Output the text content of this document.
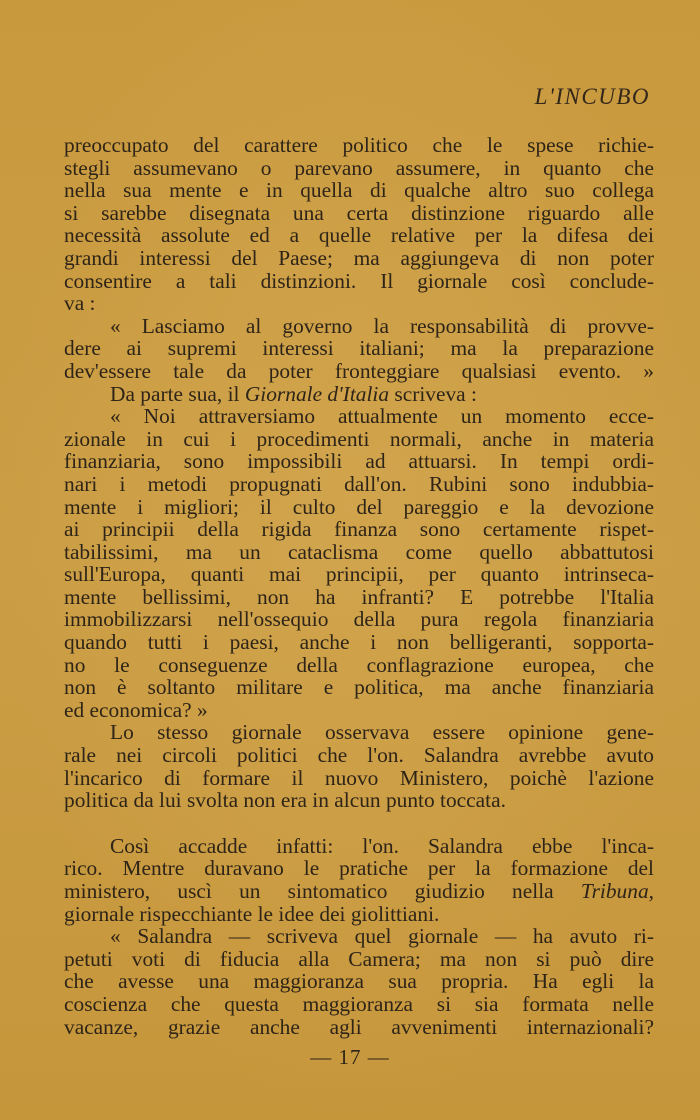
L'INCUBO
preoccupato del carattere politico che le spese richie-
stegli assumevano o parevano assumere, in quanto che
nella sua mente e in quella di qualche altro suo collega
si sarebbe disegnata una certa distinzione riguardo alle
necessità assolute ed a quelle relative per la difesa dei
grandi interessi del Paese; ma aggiungeva di non poter
consentire a tali distinzioni. Il giornale così conclude-
va :
« Lasciamo al governo la responsabilità di provve-
dere ai supremi interessi italiani; ma la preparazione
dev'essere tale da poter fronteggiare qualsiasi evento. »
Da parte sua, il Giornale d'Italia scriveva :
« Noi attraversiamo attualmente un momento ecce-
zionale in cui i procedimenti normali, anche in materia
finanziaria, sono impossibili ad attuarsi. In tempi ordi-
nari i metodi propugnati dall'on. Rubini sono indubbia-
mente i migliori; il culto del pareggio e la devozione
ai principii della rigida finanza sono certamente rispet-
tabilissimi, ma un cataclisma come quello abbattutosi
sull'Europa, quanti mai principii, per quanto intrinseca-
mente bellissimi, non ha infranti? E potrebbe l'Italia
immobilizzarsi nell'ossequio della pura regola finanziaria
quando tutti i paesi, anche i non belligeranti, sopporta-
no le conseguenze della conflagrazione europea, che
non è soltanto militare e politica, ma anche finanziaria
ed economica? »
Lo stesso giornale osservava essere opinione gene-
rale nei circoli politici che l'on. Salandra avrebbe avuto
l'incarico di formare il nuovo Ministero, poichè l'azione
politica da lui svolta non era in alcun punto toccata.
Così accadde infatti: l'on. Salandra ebbe l'inca-
rico. Mentre duravano le pratiche per la formazione del
ministero, uscì un sintomatico giudizio nella Tribuna,
giornale rispecchiante le idee dei giolittiani.
« Salandra — scriveva quel giornale — ha avuto ri-
petuti voti di fiducia alla Camera; ma non si può dire
che avesse una maggioranza sua propria. Ha egli la
coscienza che questa maggioranza si sia formata nelle
vacanze, grazie anche agli avvenimenti internazionali?
— 17 —
